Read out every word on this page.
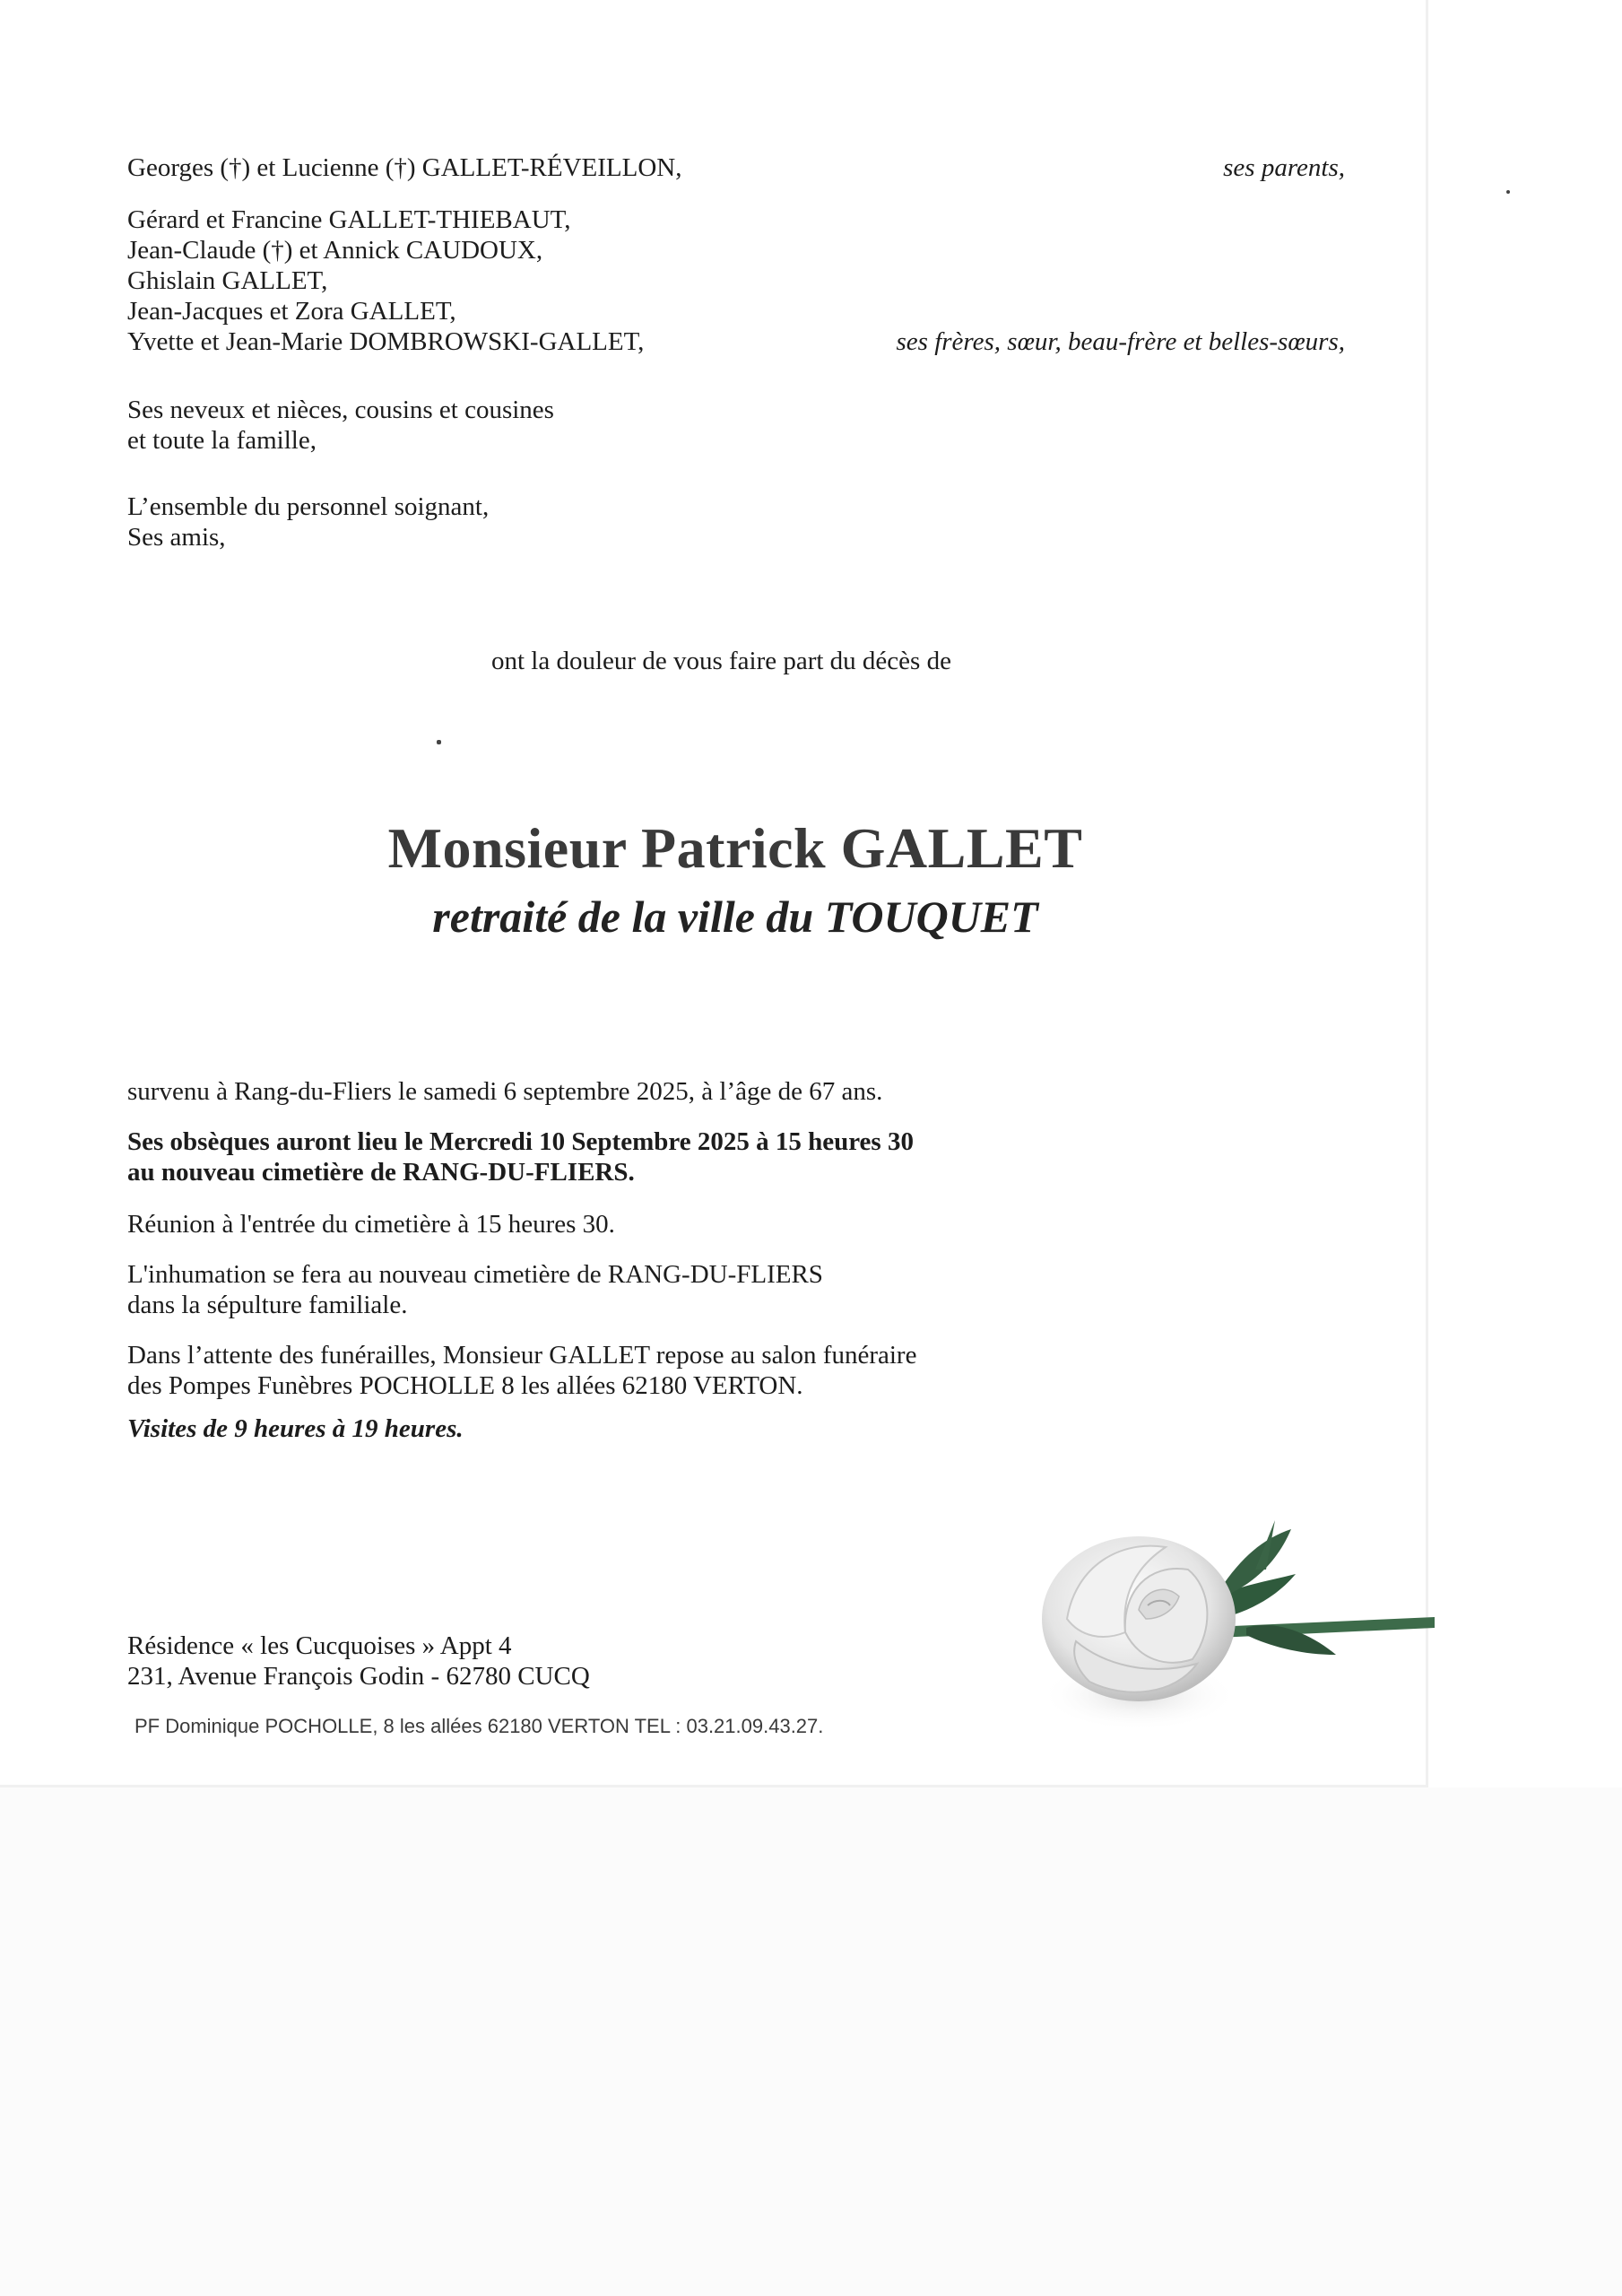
Georges (†) et Lucienne (†) GALLET-RÉVEILLON,	ses parents,
Gérard et Francine GALLET-THIEBAUT,
Jean-Claude (†) et Annick CAUDOUX,
Ghislain GALLET,
Jean-Jacques et Zora GALLET,
Yvette et Jean-Marie DOMBROWSKI-GALLET,	ses frères, sœur, beau-frère et belles-sœurs,
Ses neveux et nièces, cousins et cousines
et toute la famille,
L’ensemble du personnel soignant,
Ses amis,
ont la douleur de vous faire part du décès de
Monsieur Patrick GALLET
retraité de la ville du TOUQUET
survenu à Rang-du-Fliers le samedi 6 septembre 2025, à l’âge de 67 ans.
Ses obsèques auront lieu le Mercredi 10 Septembre 2025 à 15 heures 30
au nouveau cimetière de RANG-DU-FLIERS.
Réunion à l'entrée du cimetière à 15 heures 30.
L'inhumation se fera au nouveau cimetière de RANG-DU-FLIERS
dans la sépulture familiale.
Dans l’attente des funérailles, Monsieur GALLET repose au salon funéraire
des Pompes Funèbres POCHOLLE 8 les allées 62180 VERTON.
Visites de 9 heures à 19 heures.
Résidence « les Cucquoises » Appt 4
231, Avenue François Godin - 62780 CUCQ
PF Dominique POCHOLLE, 8 les allées 62180 VERTON TEL : 03.21.09.43.27.
